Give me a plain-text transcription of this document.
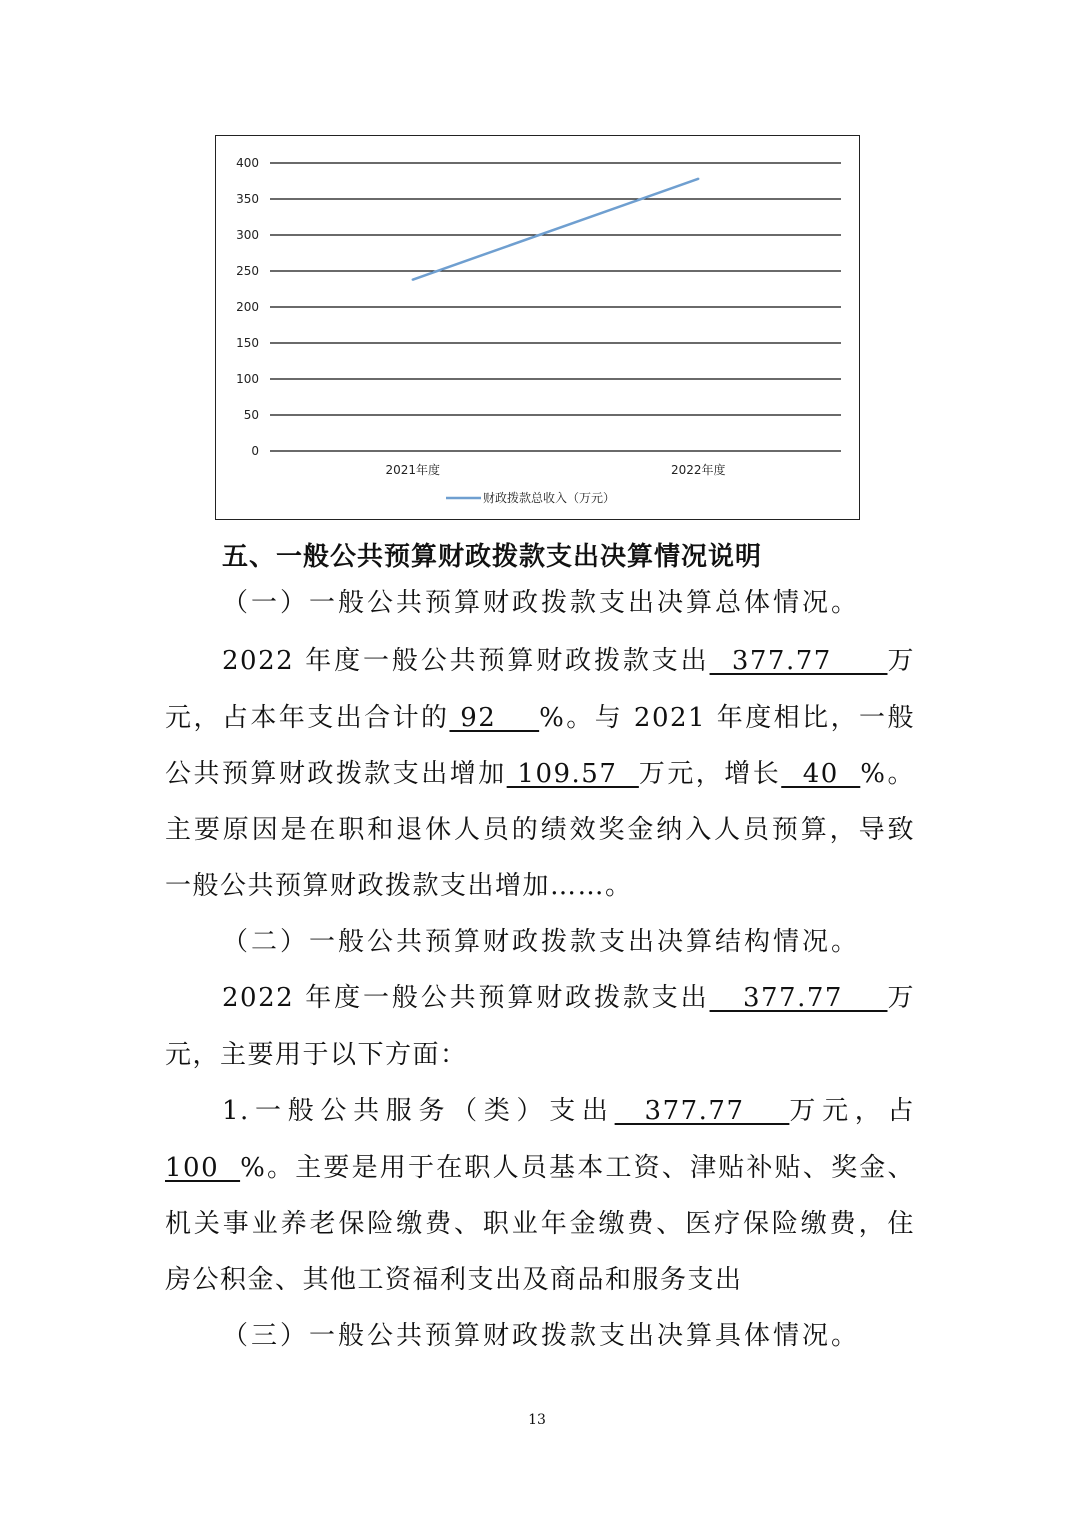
0
50
100
150
200
250
300
350
400
2021年度	2022年度
财政拨款总收入（万元）
五、一般公共预算财政拨款支出决算情况说明
（一）一般公共预算财政拨款支出决算总体情况。
2022 年度一般公共预算财政拨款支出  377.77     万
元，占本年支出合计的 92    %。与 2021 年度相比，一般
公共预算财政拨款支出增加 109.57  万元，增长  40  %。
主要原因是在职和退休人员的绩效奖金纳入人员预算，导致
一般公共预算财政拨款支出增加……。
（二）一般公共预算财政拨款支出决算结构情况。
2022 年度一般公共预算财政拨款支出   377.77    万
元，主要用于以下方面：
1.一般公共服务（类）支出  377.77   万元，占
100  %。主要是用于在职人员基本工资、津贴补贴、奖金、
机关事业养老保险缴费、职业年金缴费、医疗保险缴费，住
房公积金、其他工资福利支出及商品和服务支出
（三）一般公共预算财政拨款支出决算具体情况。
13
